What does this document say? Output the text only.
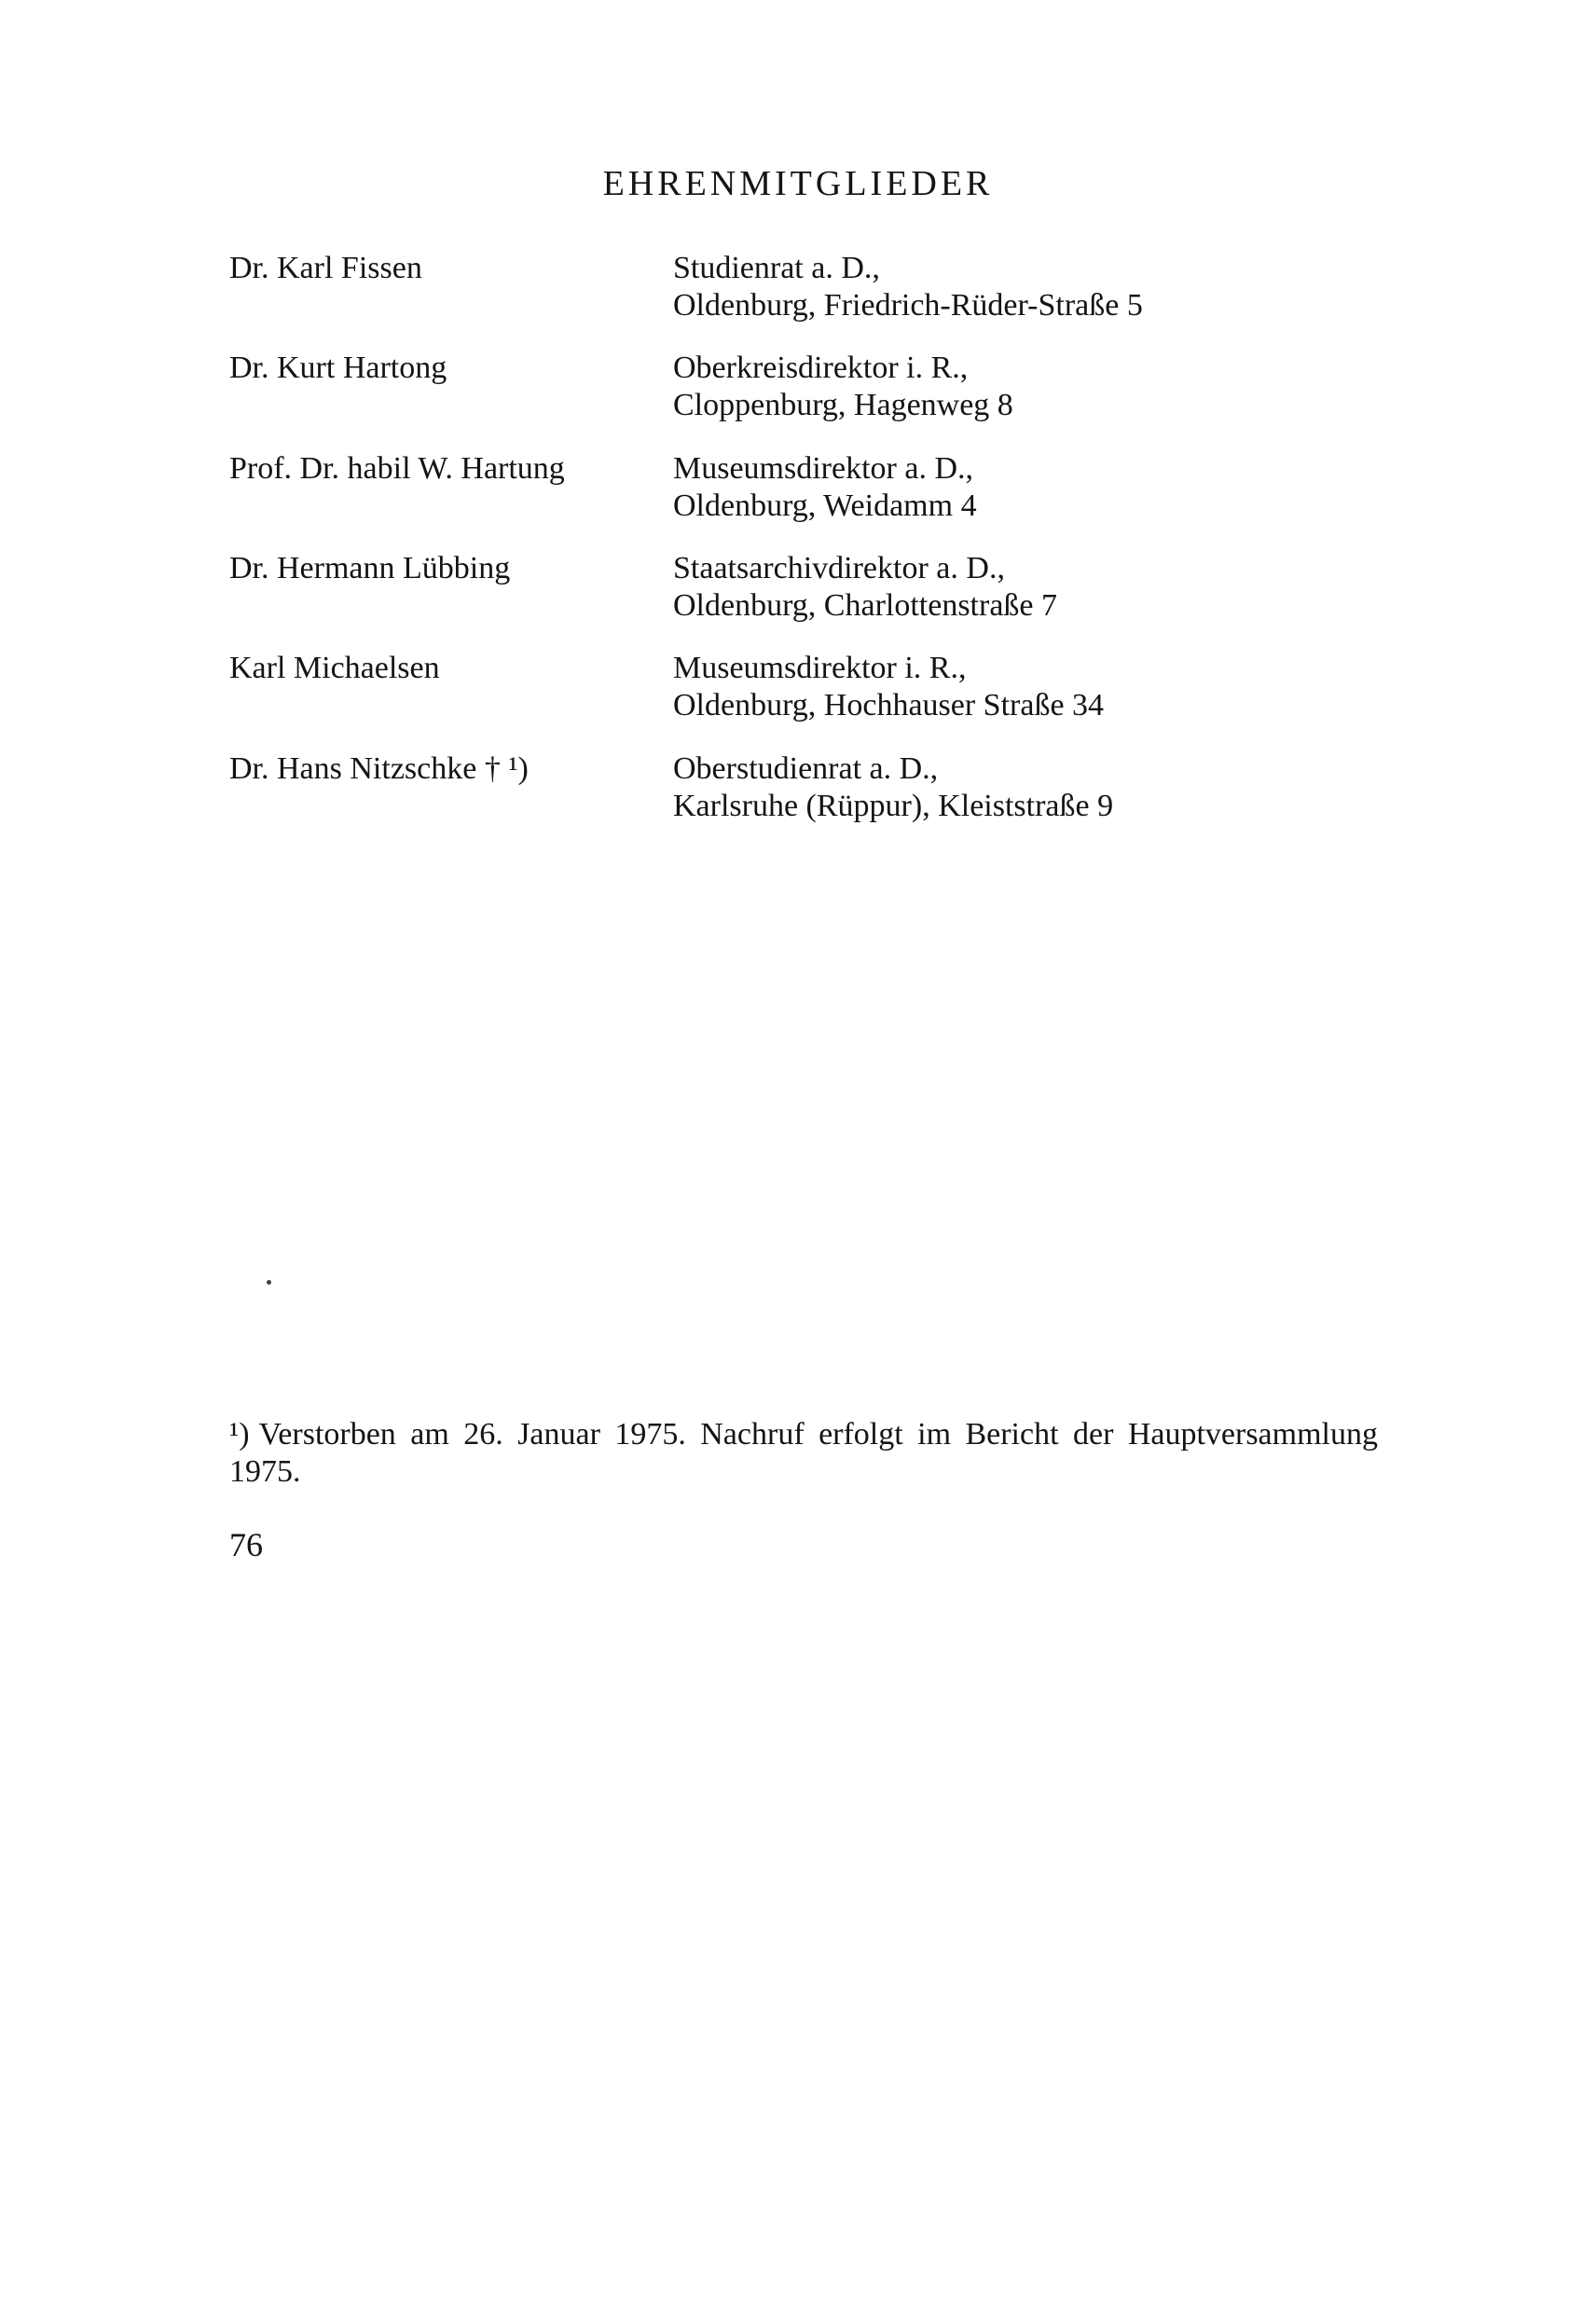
EHRENMITGLIEDER
Dr. Karl Fissen	Studienrat a. D.,
Oldenburg, Friedrich-Rüder-Straße 5
Dr. Kurt Hartong	Oberkreisdirektor i. R.,
Cloppenburg, Hagenweg 8
Prof. Dr. habil W. Hartung	Museumsdirektor a. D.,
Oldenburg, Weidamm 4
Dr. Hermann Lübbing	Staatsarchivdirektor a. D.,
Oldenburg, Charlottenstraße 7
Karl Michaelsen	Museumsdirektor i. R.,
Oldenburg, Hochhauser Straße 34
Dr. Hans Nitzschke † ¹)	Oberstudienrat a. D.,
Karlsruhe (Rüppur), Kleiststraße 9
¹) Verstorben am 26. Januar 1975. Nachruf erfolgt im Bericht der Hauptversammlung 1975.
76
